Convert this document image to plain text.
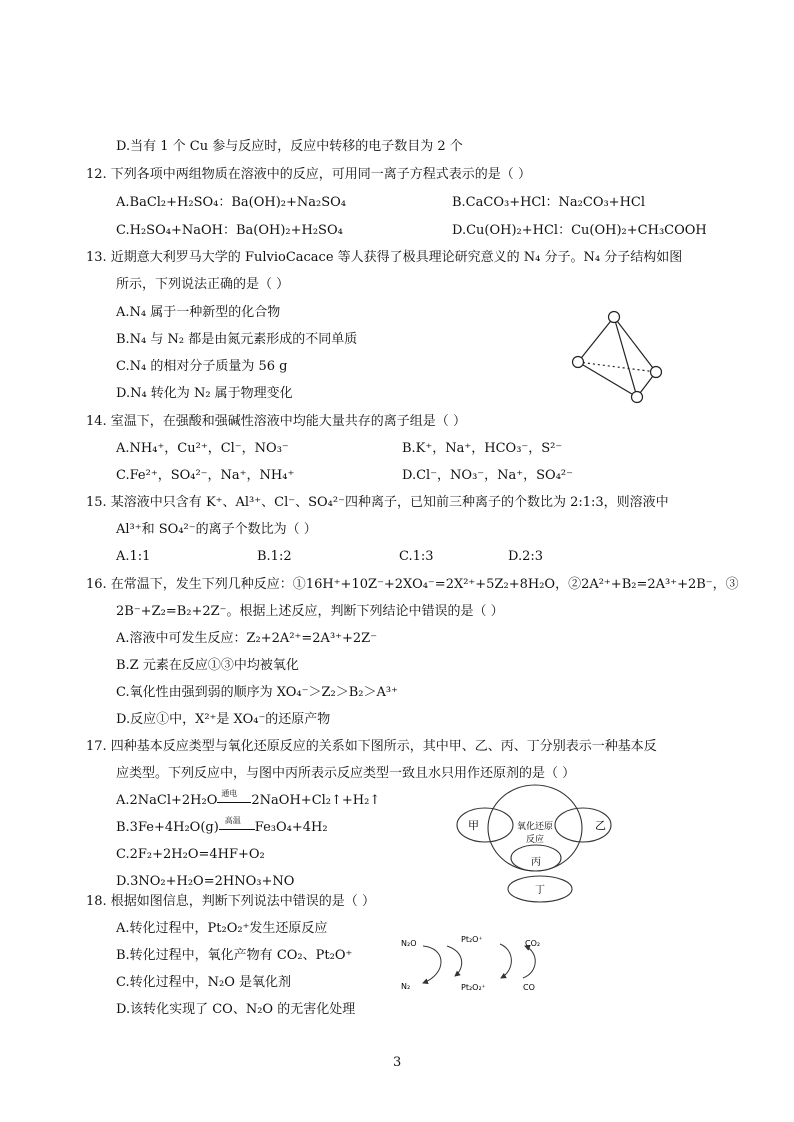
D.当有 1 个 Cu 参与反应时，反应中转移的电子数目为 2 个
12. 下列各项中两组物质在溶液中的反应，可用同一离子方程式表示的是（ ）
A.BaCl₂+H₂SO₄：Ba(OH)₂+Na₂SO₄	B.CaCO₃+HCl：Na₂CO₃+HCl
C.H₂SO₄+NaOH：Ba(OH)₂+H₂SO₄	D.Cu(OH)₂+HCl：Cu(OH)₂+CH₃COOH
13. 近期意大利罗马大学的 FulvioCacace 等人获得了极具理论研究意义的 N₄ 分子。N₄ 分子结构如图
所示，下列说法正确的是（ ）
A.N₄ 属于一种新型的化合物
B.N₄ 与 N₂ 都是由氮元素形成的不同单质
C.N₄ 的相对分子质量为 56 g
D.N₄ 转化为 N₂ 属于物理变化
14. 室温下，在强酸和强碱性溶液中均能大量共存的离子组是（ ）
A.NH₄⁺，Cu²⁺，Cl⁻，NO₃⁻	B.K⁺，Na⁺，HCO₃⁻，S²⁻
C.Fe²⁺，SO₄²⁻，Na⁺，NH₄⁺	D.Cl⁻，NO₃⁻，Na⁺，SO₄²⁻
15. 某溶液中只含有 K⁺、Al³⁺、Cl⁻、SO₄²⁻四种离子，已知前三种离子的个数比为 2:1:3，则溶液中
Al³⁺和 SO₄²⁻的离子个数比为（ ）
A.1:1	B.1:2	C.1:3	D.2:3
16. 在常温下，发生下列几种反应：①16H⁺+10Z⁻+2XO₄⁻=2X²⁺+5Z₂+8H₂O，②2A²⁺+B₂=2A³⁺+2B⁻，③
2B⁻+Z₂=B₂+2Z⁻。根据上述反应，判断下列结论中错误的是（ ）
A.溶液中可发生反应：Z₂+2A²⁺=2A³⁺+2Z⁻
B.Z 元素在反应①③中均被氧化
C.氧化性由强到弱的顺序为 XO₄⁻＞Z₂＞B₂＞A³⁺
D.反应①中，X²⁺是 XO₄⁻的还原产物
17. 四种基本反应类型与氧化还原反应的关系如下图所示，其中甲、乙、丙、丁分别表示一种基本反
应类型。下列反应中，与图中丙所表示反应类型一致且水只用作还原剂的是（ ）
A.2NaCl+2H₂O 通电 2NaOH+Cl₂↑+H₂↑
B.3Fe+4H₂O(g) 高温 Fe₃O₄+4H₂
C.2F₂+2H₂O=4HF+O₂
D.3NO₂+H₂O=2HNO₃+NO
甲	乙
氧化还原
反应
丙
丁
18. 根据如图信息，判断下列说法中错误的是（ ）
A.转化过程中，Pt₂O₂⁺发生还原反应
B.转化过程中，氧化产物有 CO₂、Pt₂O⁺
C.转化过程中，N₂O 是氧化剂
D.该转化实现了 CO、N₂O 的无害化处理
N₂O
N₂
Pt₂O⁺
Pt₂O₂⁺
CO₂
CO
3
